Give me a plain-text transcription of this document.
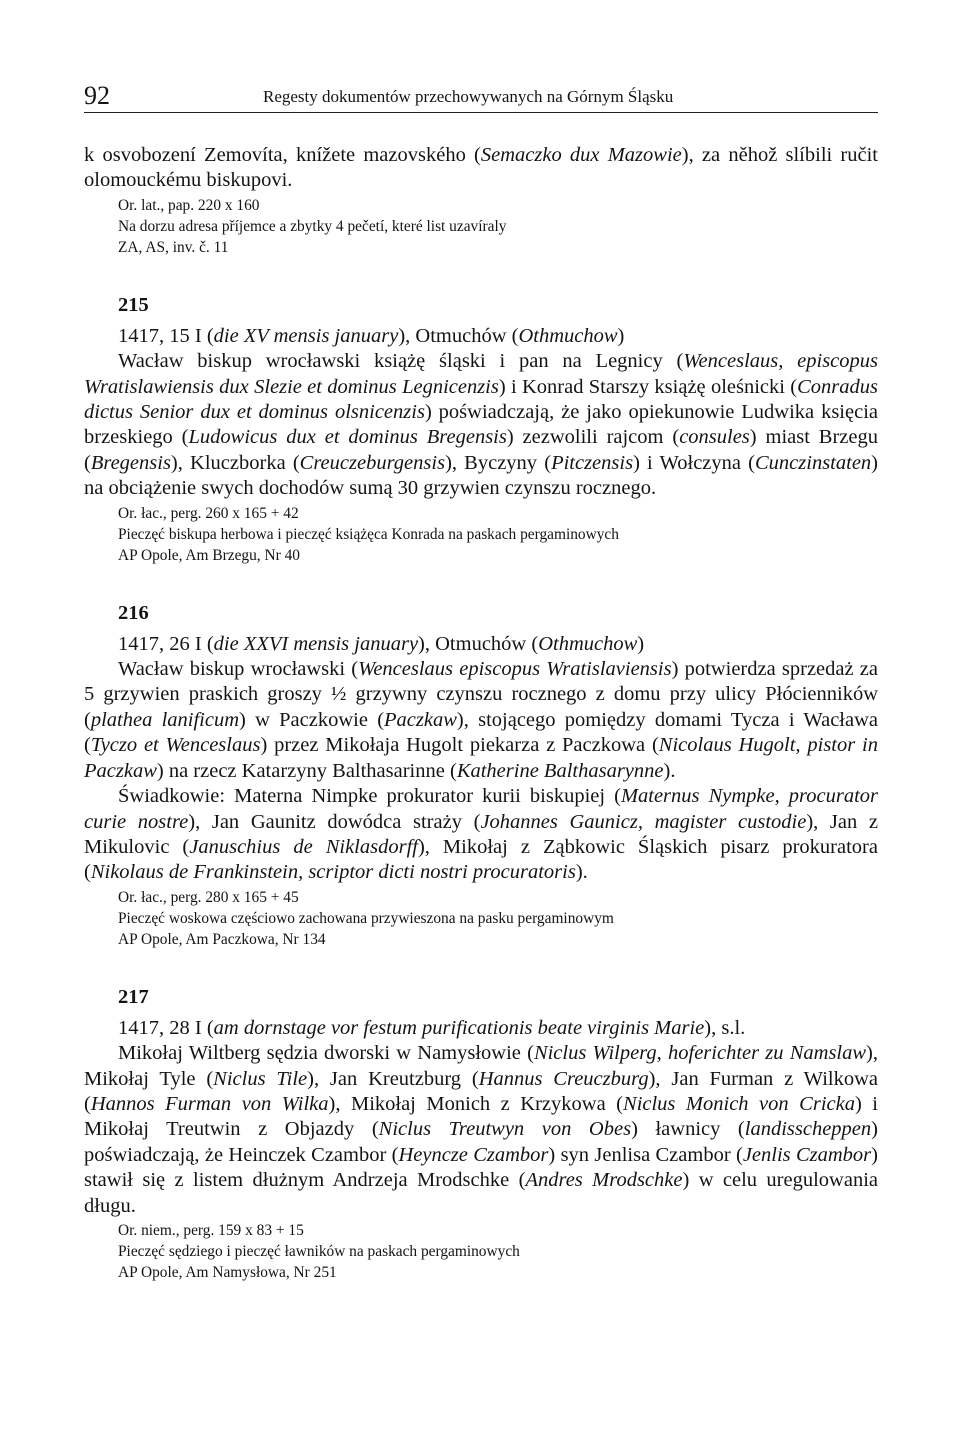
92	Regesty dokumentów przechowywanych na Górnym Śląsku

k osvobození Zemovíta, knížete mazovského (Semaczko dux Mazowie), za něhož slíbili ručit olomouckému biskupovi.

Or. lat., pap. 220 x 160

Na dorzu adresa příjemce a zbytky 4 pečetí, které list uzavíraly

ZA, AS, inv. č. 11

215

1417, 15 I (die XV mensis january), Otmuchów (Othmuchow)

Wacław biskup wrocławski książę śląski i pan na Legnicy (Wenceslaus, episcopus Wratislawiensis dux Slezie et dominus Legnicenzis) i Konrad Starszy książę oleśnicki (Conradus dictus Senior dux et dominus olsnicenzis) poświadczają, że jako opiekunowie Ludwika księcia brzeskiego (Ludowicus dux et dominus Bregensis) zezwolili rajcom (consules) miast Brzegu (Bregensis), Kluczborka (Creuczeburgensis), Byczyny (Pitczensis) i Wołczyna (Cunczinstaten) na obciążenie swych dochodów sumą 30 grzywien czynszu rocznego.

Or. łac., perg. 260 x 165 + 42

Pieczęć biskupa herbowa i pieczęć książęca Konrada na paskach pergaminowych

AP Opole, Am Brzegu, Nr 40

216

1417, 26 I (die XXVI mensis january), Otmuchów (Othmuchow)

Wacław biskup wrocławski (Wenceslaus episcopus Wratislaviensis) potwierdza sprzedaż za 5 grzywien praskich groszy ½ grzywny czynszu rocznego z domu przy ulicy Płócienników (plathea lanificum) w Paczkowie (Paczkaw), stojącego pomiędzy domami Tycza i Wacława (Tyczo et Wenceslaus) przez Mikołaja Hugolt piekarza z Paczkowa (Nicolaus Hugolt, pistor in Paczkaw) na rzecz Katarzyny Balthasarinne (Katherine Balthasarynne).

Świadkowie: Materna Nimpke prokurator kurii biskupiej (Maternus Nympke, procurator curie nostre), Jan Gaunitz dowódca straży (Johannes Gaunicz, magister custodie), Jan z Mikulovic (Januschius de Niklasdorff), Mikołaj z Ząbkowic Śląskich pisarz prokuratora (Nikolaus de Frankinstein, scriptor dicti nostri procuratoris).

Or. łac., perg. 280 x 165 + 45

Pieczęć woskowa częściowo zachowana przywieszona na pasku pergaminowym

AP Opole, Am Paczkowa, Nr 134

217

1417, 28 I (am dornstage vor festum purificationis beate virginis Marie), s.l.

Mikołaj Wiltberg sędzia dworski w Namysłowie (Niclus Wilperg, hoferichter zu Namslaw), Mikołaj Tyle (Niclus Tile), Jan Kreutzburg (Hannus Creuczburg), Jan Furman z Wilkowa (Hannos Furman von Wilka), Mikołaj Monich z Krzykowa (Niclus Monich von Cricka) i Mikołaj Treutwin z Objazdy (Niclus Treutwyn von Obes) ławnicy (landisscheppen) poświadczają, że Heinczek Czambor (Heyncze Czambor) syn Jenlisa Czambor (Jenlis Czambor) stawił się z listem dłużnym Andrzeja Mrodschke (Andres Mrodschke) w celu uregulowania długu.

Or. niem., perg. 159 x 83 + 15

Pieczęć sędziego i pieczęć ławników na paskach pergaminowych

AP Opole, Am Namysłowa, Nr 251
